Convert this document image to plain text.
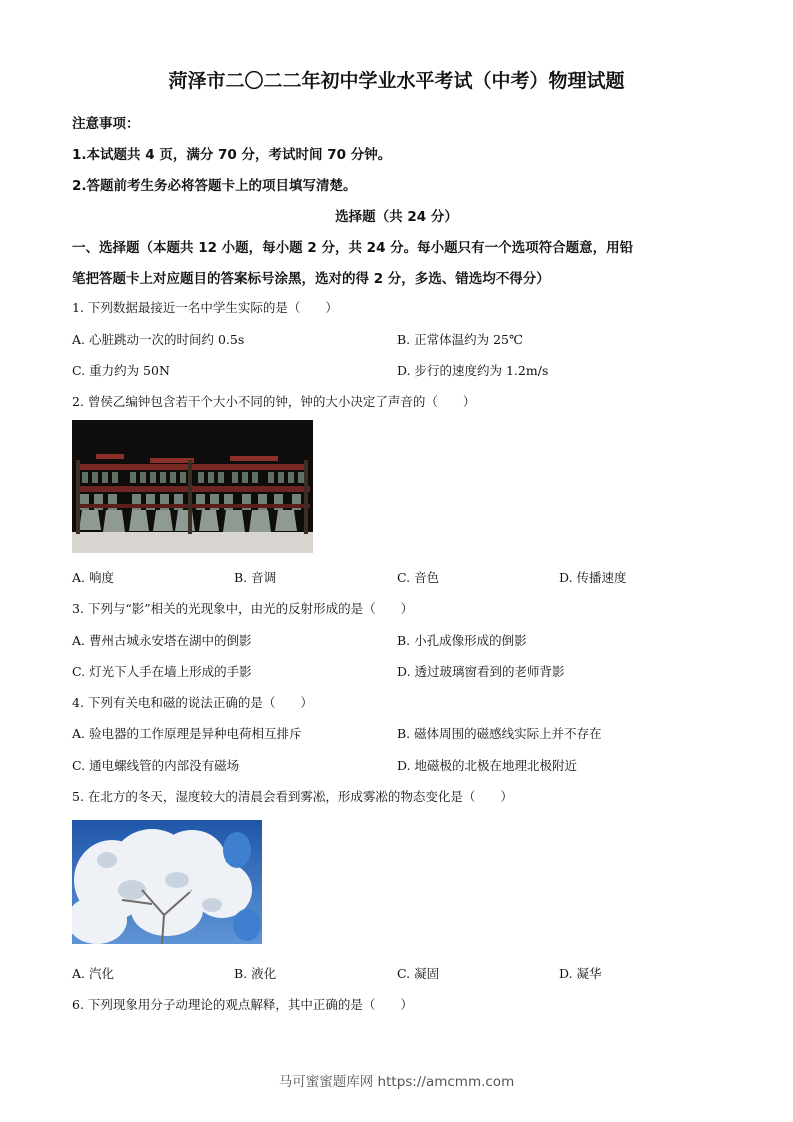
菏泽市二〇二二年初中学业水平考试（中考）物理试题
注意事项：
1.本试题共 4 页，满分 70 分，考试时间 70 分钟。
2.答题前考生务必将答题卡上的项目填写清楚。
选择题（共 24 分）
一、选择题（本题共 12 小题，每小题 2 分，共 24 分。每小题只有一个选项符合题意，用铅
笔把答题卡上对应题目的答案标号涂黑，选对的得 2 分，多选、错选均不得分）
1. 下列数据最接近一名中学生实际的是（　　）
A. 心脏跳动一次的时间约 0.5s	B. 正常体温约为 25℃
C. 重力约为 50N	D. 步行的速度约为 1.2m/s
2. 曾侯乙编钟包含若干个大小不同的钟，钟的大小决定了声音的（　　）
A. 响度	B. 音调	C. 音色	D. 传播速度
3. 下列与“影”相关的光现象中，由光的反射形成的是（　　）
A. 曹州古城永安塔在湖中的倒影	B. 小孔成像形成的倒影
C. 灯光下人手在墙上形成的手影	D. 透过玻璃窗看到的老师背影
4. 下列有关电和磁的说法正确的是（　　）
A. 验电器的工作原理是异种电荷相互排斥	B. 磁体周围的磁感线实际上并不存在
C. 通电螺线管的内部没有磁场	D. 地磁极的北极在地理北极附近
5. 在北方的冬天，湿度较大的清晨会看到雾凇，形成雾凇的物态变化是（　　）
A. 汽化	B. 液化	C. 凝固	D. 凝华
6. 下列现象用分子动理论的观点解释，其中正确的是（　　）
马可蜜蜜题库网 https://amcmm.com
